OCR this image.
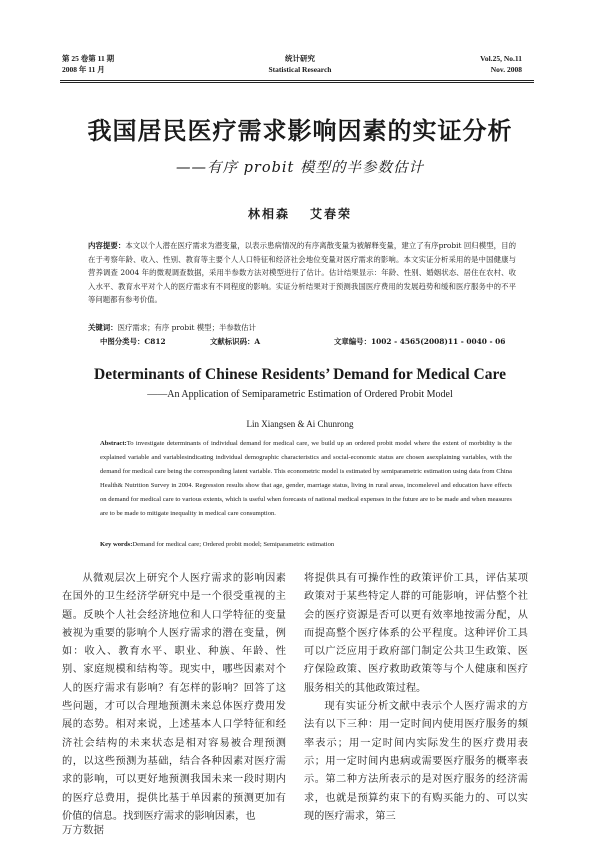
第 25 卷第 11 期
2008 年 11 月
统计研究
Statistical Research
Vol.25, No.11
Nov. 2008
我国居民医疗需求影响因素的实证分析
——有序 probit 模型的半参数估计
林相森 艾春荣
内容提要：本文以个人潜在医疗需求为潜变量，以表示患病情况的有序离散变量为被解释变量，建立了有序probit 回归模型，目的在于考察年龄、收入、性别、教育等主要个人人口特征和经济社会地位变量对医疗需求的影响。本文实证分析采用的是中国健康与营养调查 2004 年的微观调查数据，采用半参数方法对模型进行了估计。估计结果显示：年龄、性别、婚姻状态、居住在农村、收入水平、教育水平对个人的医疗需求有不同程度的影响。实证分析结果对于预测我国医疗费用的发展趋势和缓和医疗服务中的不平等问题都有参考价值。
关键词：医疗需求；有序 probit 模型；半参数估计
中图分类号：C812	文献标识码：A	文章编号：1002 - 4565(2008)11 - 0040 - 06
Determinants of Chinese Residents’ Demand for Medical Care
——An Application of Semiparametric Estimation of Ordered Probit Model
Lin Xiangsen & Ai Chunrong
Abstract:To investigate determinants of individual demand for medical care, we build up an ordered probit model where the extent of morbidity is the explained variable and variablesindicating individual demographic characteristics and social-economic status are chosen asexplaining variables, with the demand for medical care being the corresponding latent variable. This econometric model is estimated by semiparametric estimation using data from China Health& Nutrition Survey in 2004. Regression results show that age, gender, marriage status, living in rural areas, incomelevel and education have effects on demand for medical care to various extents, which is useful when forecasts of national medical expenses in the future are to be made and when measures are to be made to mitigate inequality in medical care consumption.
Key words:Demand for medical care; Ordered probit model; Semiparametric estimation

从微观层次上研究个人医疗需求的影响因素在国外的卫生经济学研究中是一个很受重视的主题。反映个人社会经济地位和人口学特征的变量被视为重要的影响个人医疗需求的潜在变量，例如：收入、教育水平、职业、种族、年龄、性别、家庭规模和结构等。现实中，哪些因素对个人的医疗需求有影响？有怎样的影响？回答了这些问题，才可以合理地预测未来总体医疗费用发展的态势。相对来说，上述基本人口学特征和经济社会结构的未来状态是相对容易被合理预测的，以这些预测为基础，结合各种因素对医疗需求的影响，可以更好地预测我国未来一段时期内的医疗总费用，提供比基于单因素的预测更加有价值的信息。找到医疗需求的影响因素，也

将提供具有可操作性的政策评价工具，评估某项政策对于某些特定人群的可能影响，评估整个社会的医疗资源是否可以更有效率地按需分配，从而提高整个医疗体系的公平程度。这种评价工具可以广泛应用于政府部门制定公共卫生政策、医疗保险政策、医疗救助政策等与个人健康和医疗服务相关的其他政策过程。

现有实证分析文献中表示个人医疗需求的方法有以下三种：用一定时间内使用医疗服务的频率表示；用一定时间内实际发生的医疗费用表示；用一定时间内患病或需要医疗服务的概率表示。第二种方法所表示的是对医疗服务的经济需求，也就是预算约束下的有购买能力的、可以实现的医疗需求，第三

万方数据
